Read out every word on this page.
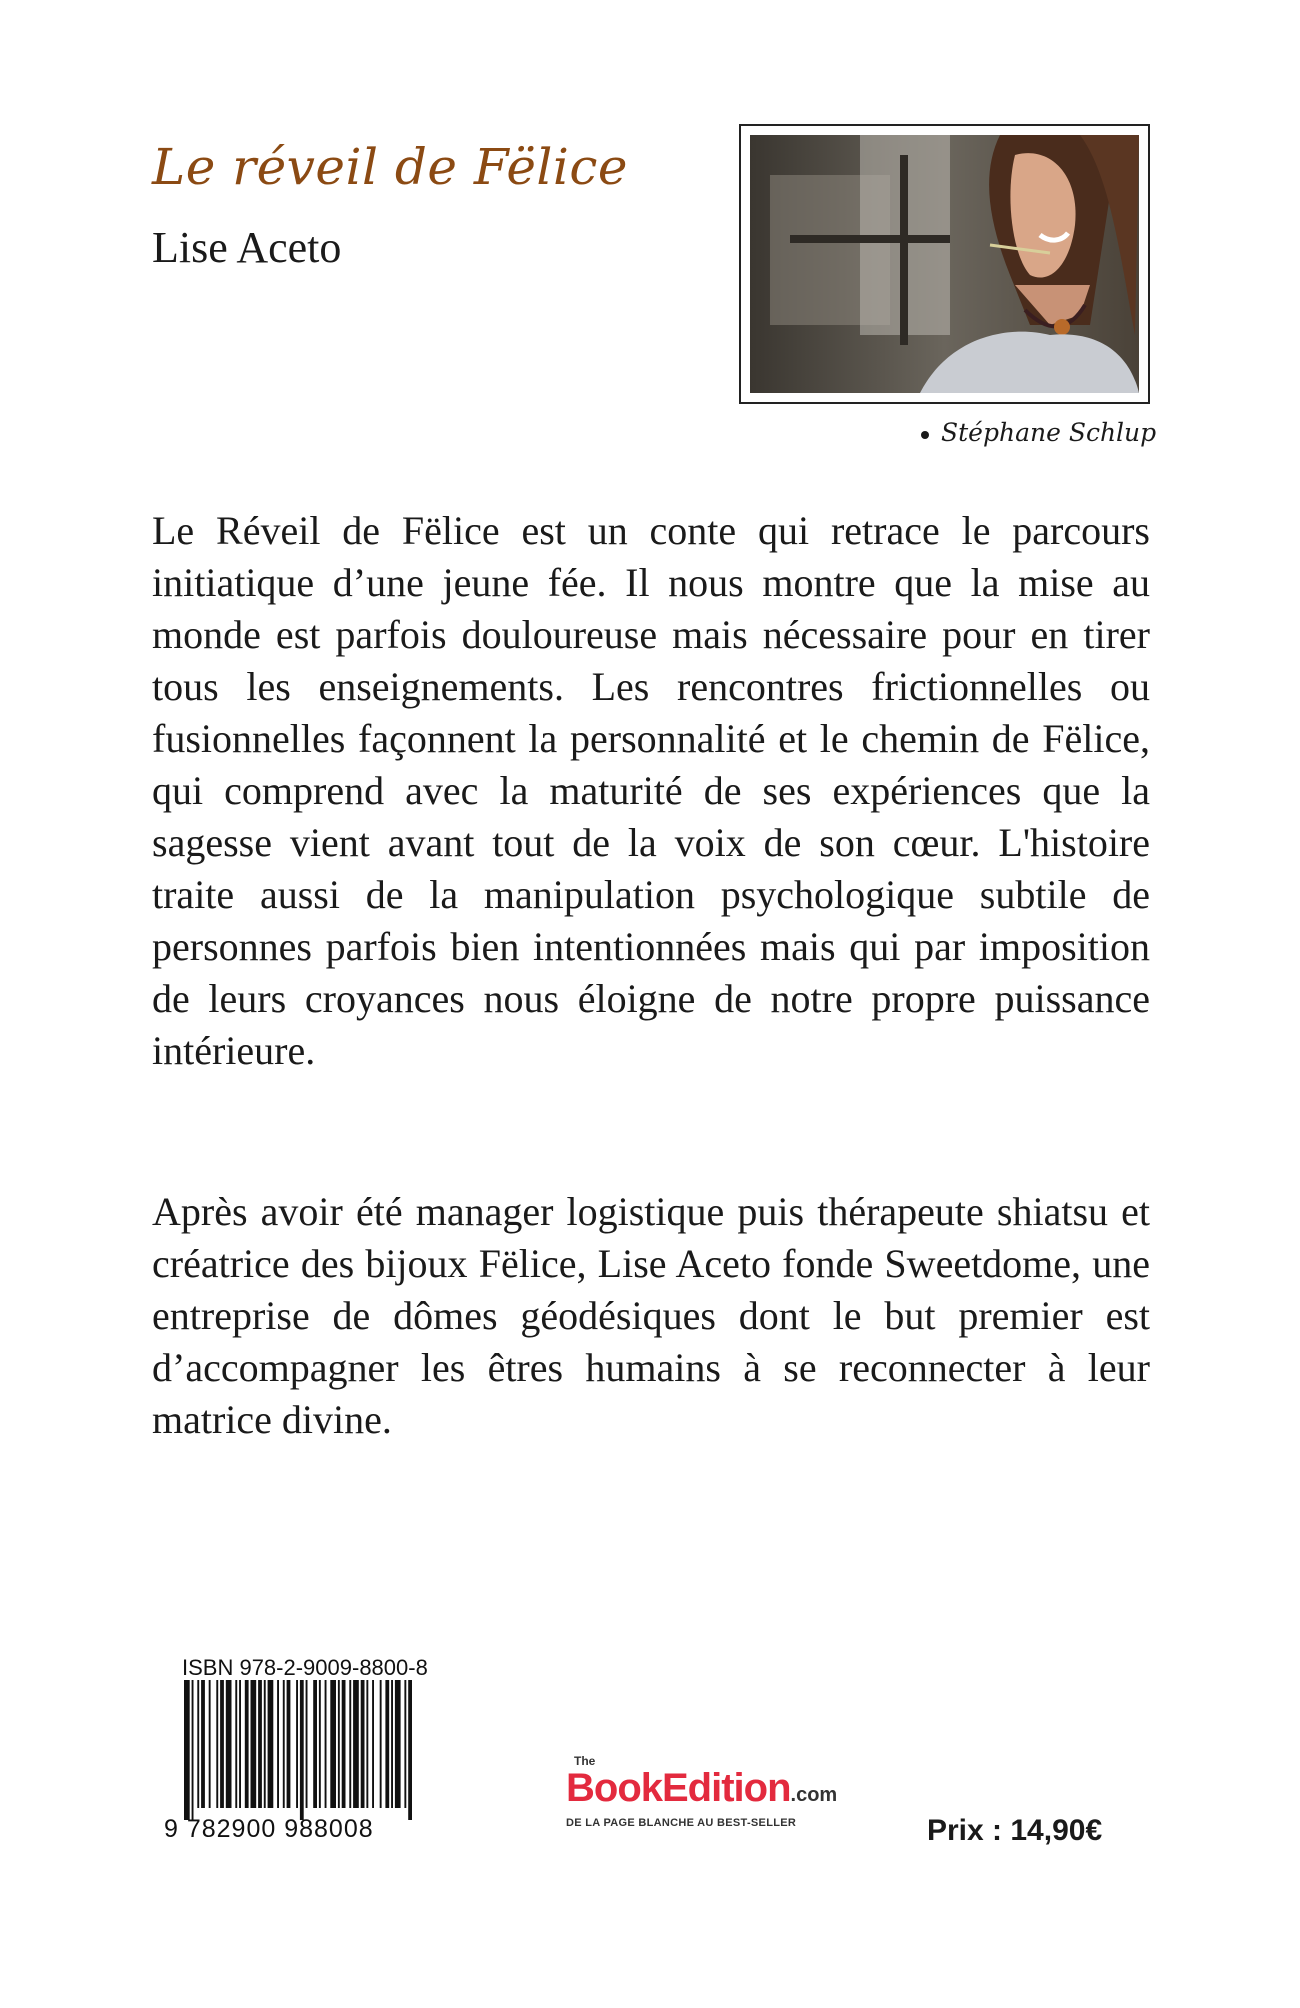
Le réveil de Fëlice
Lise Aceto
Stéphane Schlup

Le Réveil de Fëlice est un conte qui retrace le parcours initiatique d’une jeune fée. Il nous montre que la mise au monde est parfois douloureuse mais nécessaire pour en tirer tous les enseignements. Les rencontres frictionnelles ou fusionnelles façonnent la personnalité et le chemin de Fëlice, qui comprend avec la maturité de ses expériences que la sagesse vient avant tout de la voix de son cœur. L'histoire traite aussi de la manipulation psychologique subtile de personnes parfois bien intentionnées mais qui par imposition de leurs croyances nous éloigne de notre propre puissance intérieure.

Après avoir été manager logistique puis thérapeute shiatsu et créatrice des bijoux Fëlice, Lise Aceto fonde Sweetdome, une entreprise de dômes géodésiques dont le but premier est d’accompagner les êtres humains à se reconnecter à leur matrice divine.

ISBN 978-2-9009-8800-8
9 782900 988008
The
BookEdition.com
DE LA PAGE BLANCHE AU BEST-SELLER	Prix : 14,90€
